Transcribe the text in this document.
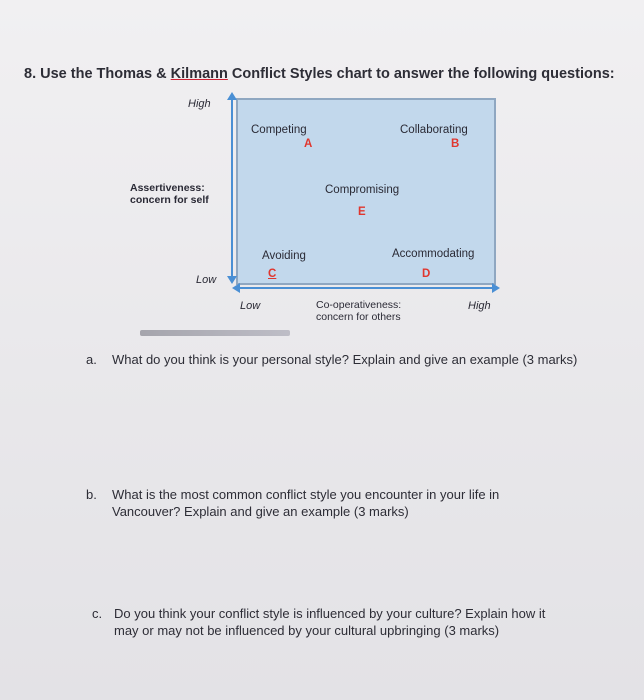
8. Use the Thomas & Kilmann Conflict Styles chart to answer the following questions:
High
Low
Assertiveness:
concern for self
Low	High
Co-operativeness:
concern for others
Competing
A
Collaborating
B
Compromising
E
Avoiding
C
Accommodating
D
a. What do you think is your personal style? Explain and give an example (3 marks)
b. What is the most common conflict style you encounter in your life in
Vancouver? Explain and give an example (3 marks)
c. Do you think your conflict style is influenced by your culture? Explain how it
may or may not be influenced by your cultural upbringing (3 marks)
